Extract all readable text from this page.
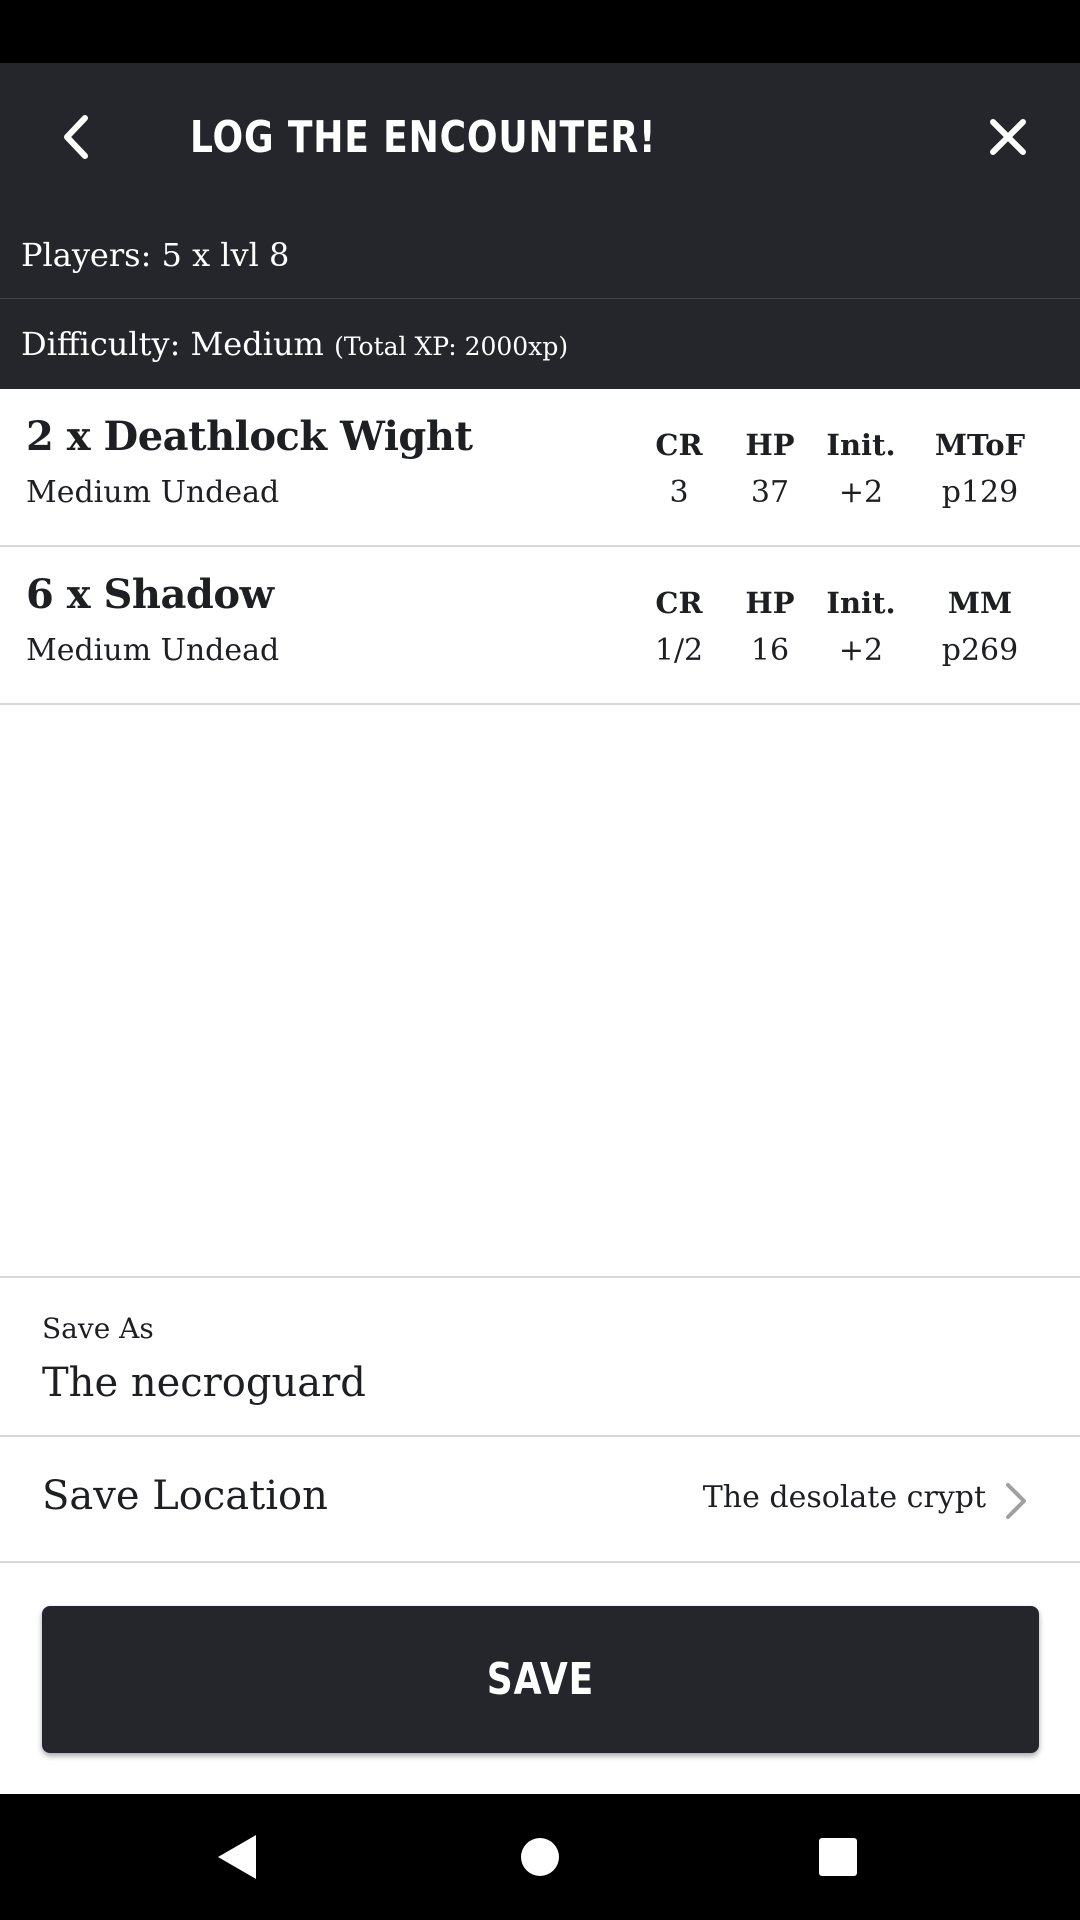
LOG THE ENCOUNTER!
Players: 5 x lvl 8
Difficulty: Medium (Total XP: 2000xp)
2 x Deathlock Wight
Medium Undead
CR
3
HP
37
Init.
+2
MToF
p129
6 x Shadow
Medium Undead
CR
1/2
HP
16
Init.
+2
MM
p269
Save As
The necroguard
Save Location	The desolate crypt
SAVE
